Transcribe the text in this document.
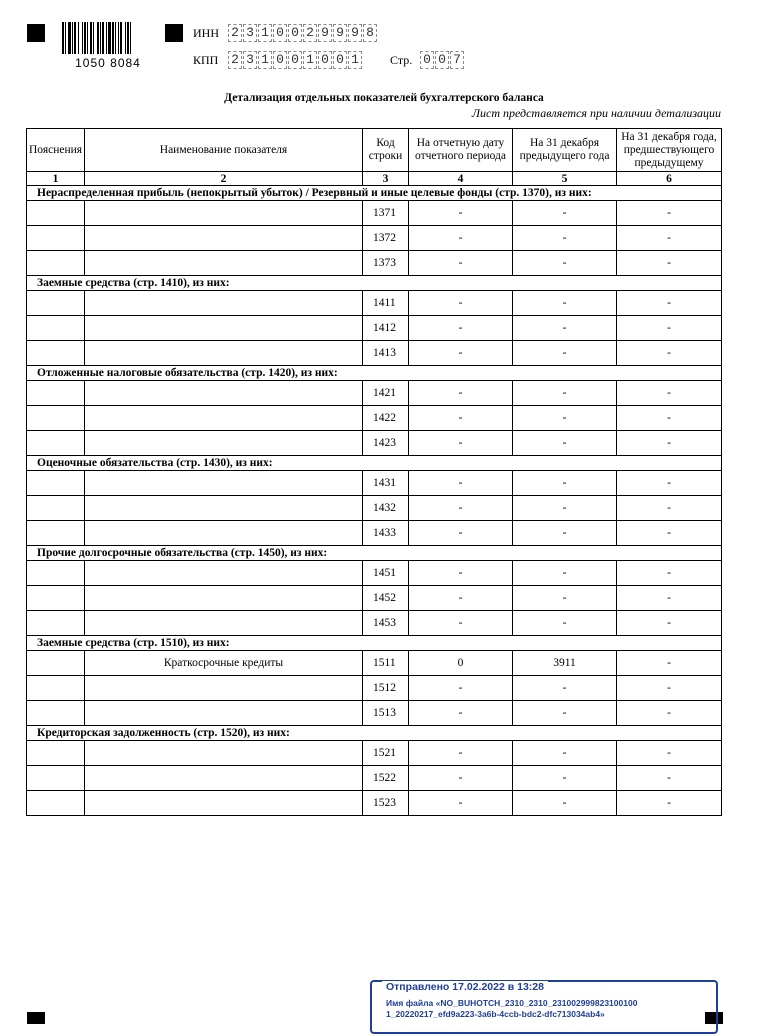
1050 8084
ИНН 2 3 1 0 0 2 9 9 9 8
КПП 2 3 1 0 0 1 0 0 1	Стр. 0 0 7
Детализация отдельных показателей бухгалтерского баланса
Лист представляется при наличии детализации
Пояснения	Наименование показателя	Код строки	На отчетную дату отчетного периода	На 31 декабря предыдущего года	На 31 декабря года, предшествующего предыдущему
1	2	3	4	5	6
Нераспределенная прибыль (непокрытый убыток) / Резервный и иные целевые фонды (стр. 1370), из них:					
		1371	-	-	-
		1372	-	-	-
		1373	-	-	-
Заемные средства (стр. 1410), из них:					
		1411	-	-	-
		1412	-	-	-
		1413	-	-	-
Отложенные налоговые обязательства (стр. 1420), из них:					
		1421	-	-	-
		1422	-	-	-
		1423	-	-	-
Оценочные обязательства (стр. 1430), из них:					
		1431	-	-	-
		1432	-	-	-
		1433	-	-	-
Прочие долгосрочные обязательства (стр. 1450), из них:					
		1451	-	-	-
		1452	-	-	-
		1453	-	-	-
Заемные средства (стр. 1510), из них:					
	Краткосрочные кредиты	1511	0	3911	-
		1512	-	-	-
		1513	-	-	-
Кредиторская задолженность (стр. 1520), из них:					
		1521	-	-	-
		1522	-	-	-
		1523	-	-	-
Отправлено 17.02.2022 в 13:28
Имя файла «NO_BUHOTCH_2310_2310_231002999823100100​1_20220217_efd9a223-3a6b-4ccb-bdc2-dfc713034ab4»
